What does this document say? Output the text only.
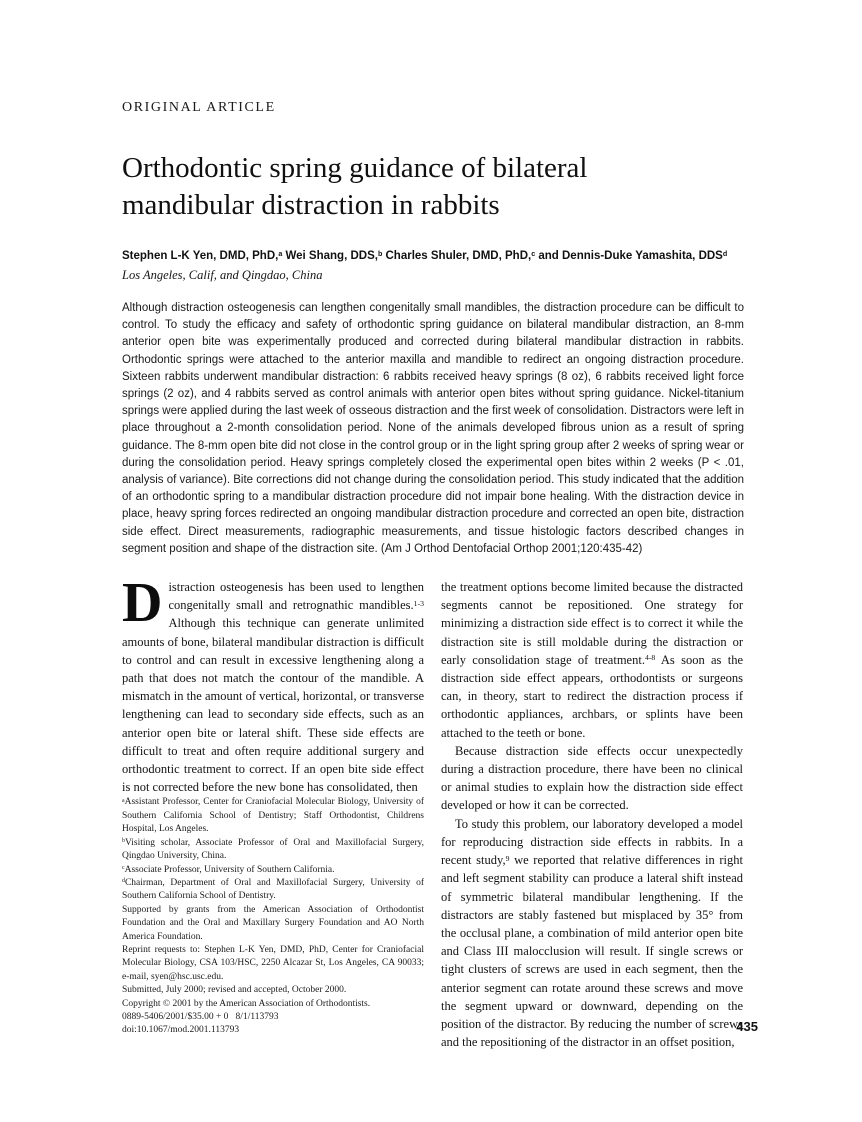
ORIGINAL ARTICLE
Orthodontic spring guidance of bilateral mandibular distraction in rabbits
Stephen L-K Yen, DMD, PhD,$^a$ Wei Shang, DDS,$^b$ Charles Shuler, DMD, PhD,$^c$ and Dennis-Duke Yamashita, DDS$^d$
Los Angeles, Calif, and Qingdao, China
Although distraction osteogenesis can lengthen congenitally small mandibles, the distraction procedure can be difficult to control. To study the efficacy and safety of orthodontic spring guidance on bilateral mandibular distraction, an 8-mm anterior open bite was experimentally produced and corrected during bilateral mandibular distraction in rabbits. Orthodontic springs were attached to the anterior maxilla and mandible to redirect an ongoing distraction procedure. Sixteen rabbits underwent mandibular distraction: 6 rabbits received heavy springs (8 oz), 6 rabbits received light force springs (2 oz), and 4 rabbits served as control animals with anterior open bites without spring guidance. Nickel-titanium springs were applied during the last week of osseous distraction and the first week of consolidation. Distractors were left in place throughout a 2-month consolidation period. None of the animals developed fibrous union as a result of spring guidance. The 8-mm open bite did not close in the control group or in the light spring group after 2 weeks of spring wear or during the consolidation period. Heavy springs completely closed the experimental open bites within 2 weeks (P < .01, analysis of variance). Bite corrections did not change during the consolidation period. This study indicated that the addition of an orthodontic spring to a mandibular distraction procedure did not impair bone healing. With the distraction device in place, heavy spring forces redirected an ongoing mandibular distraction procedure and corrected an open bite, distraction side effect. Direct measurements, radiographic measurements, and tissue histologic factors described changes in segment position and shape of the distraction site. (Am J Orthod Dentofacial Orthop 2001;120:435-42)

Distraction osteogenesis has been used to lengthen congenitally small and retrognathic mandibles.$^{1-3}$ Although this technique can generate unlimited amounts of bone, bilateral mandibular distraction is difficult to control and can result in excessive lengthening along a path that does not match the contour of the mandible. A mismatch in the amount of vertical, horizontal, or transverse lengthening can lead to secondary side effects, such as an anterior open bite or lateral shift. These side effects are difficult to treat and often require additional surgery and orthodontic treatment to correct. If an open bite side effect is not corrected before the new bone has consolidated, then

$^a$Assistant Professor, Center for Craniofacial Molecular Biology, University of Southern California School of Dentistry; Staff Orthodontist, Childrens Hospital, Los Angeles.

$^b$Visiting scholar, Associate Professor of Oral and Maxillofacial Surgery, Qingdao University, China.

$^c$Associate Professor, University of Southern California.

$^d$Chairman, Department of Oral and Maxillofacial Surgery, University of Southern California School of Dentistry.

Supported by grants from the American Association of Orthodontist Foundation and the Oral and Maxillary Surgery Foundation and AO North America Foundation.

Reprint requests to: Stephen L-K Yen, DMD, PhD, Center for Craniofacial Molecular Biology, CSA 103/HSC, 2250 Alcazar St, Los Angeles, CA 90033; e-mail, syen@hsc.usc.edu.

Submitted, July 2000; revised and accepted, October 2000.

Copyright © 2001 by the American Association of Orthodontists.

0889-5406/2001/$35.00 + 0  8/1/113793

doi:10.1067/mod.2001.113793

the treatment options become limited because the distracted segments cannot be repositioned. One strategy for minimizing a distraction side effect is to correct it while the distraction site is still moldable during the distraction or early consolidation stage of treatment.$^{4-8}$ As soon as the distraction side effect appears, orthodontists or surgeons can, in theory, start to redirect the distraction process if orthodontic appliances, archbars, or splints have been attached to the teeth or bone.

Because distraction side effects occur unexpectedly during a distraction procedure, there have been no clinical or animal studies to explain how the distraction side effect developed or how it can be corrected.

To study this problem, our laboratory developed a model for reproducing distraction side effects in rabbits. In a recent study,$^9$ we reported that relative differences in right and left segment stability can produce a lateral shift instead of symmetric bilateral mandibular lengthening. If the distractors are stably fastened but misplaced by 35° from the occlusal plane, a combination of mild anterior open bite and Class III malocclusion will result. If single screws or tight clusters of screws are used in each segment, then the anterior segment can rotate around these screws and move the segment upward or downward, depending on the position of the distractor. By reducing the number of screws and the repositioning of the distractor in an offset position,

435
